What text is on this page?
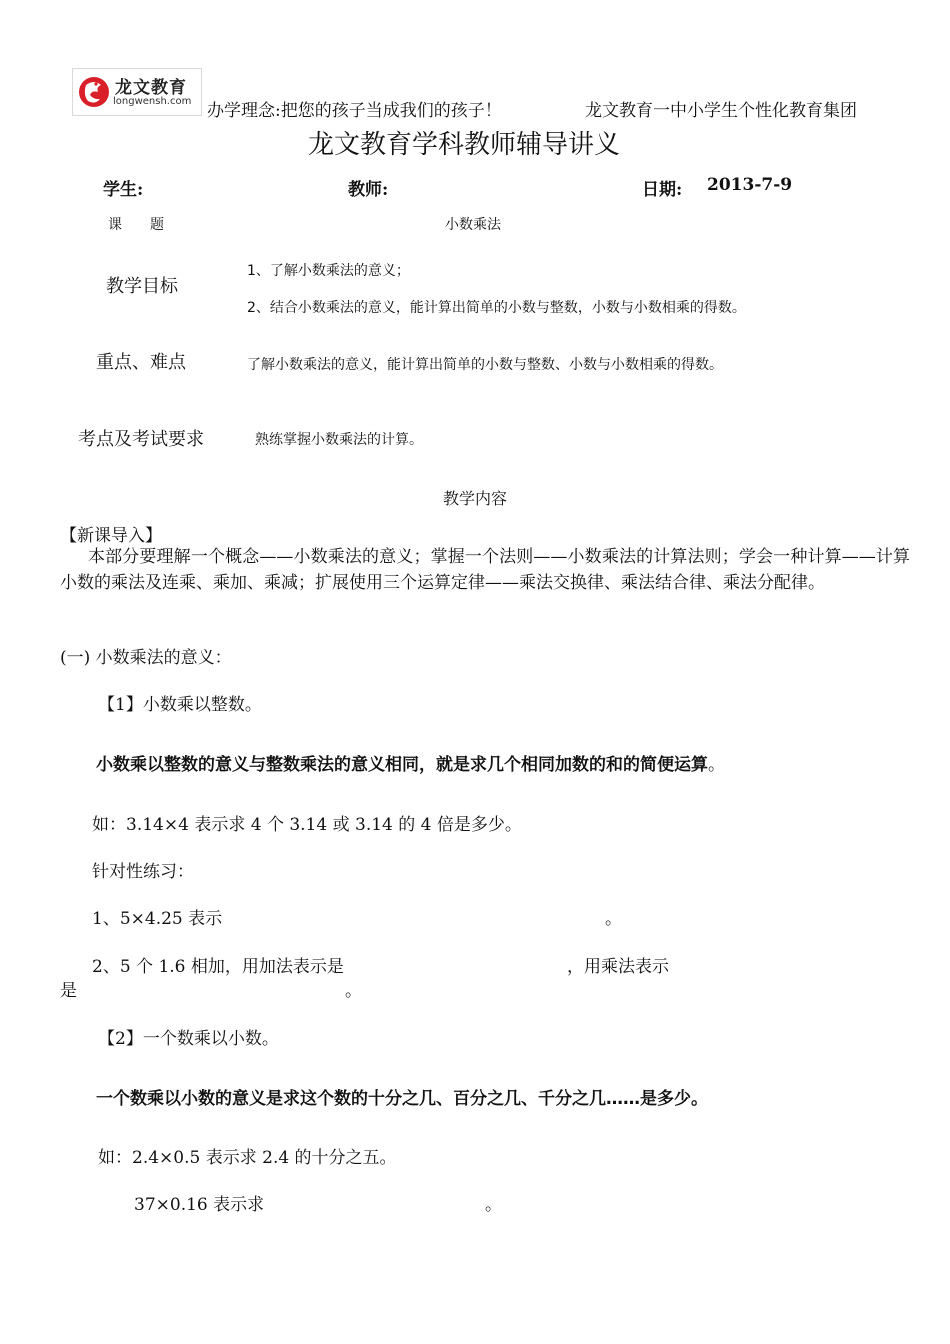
龙文教育
longwensh.com 办学理念:把您的孩子当成我们的孩子！	龙文教育一中小学生个性化教育集团
龙文教育学科教师辅导讲义
学生:	教师:	日期: 2013-7-9
课　　题	小数乘法
教学目标
1、了解小数乘法的意义；
2、结合小数乘法的意义，能计算出简单的小数与整数，小数与小数相乘的得数。
重点、难点	了解小数乘法的意义，能计算出简单的小数与整数、小数与小数相乘的得数。
考点及考试要求	熟练掌握小数乘法的计算。
教学内容
【新课导入】
本部分要理解一个概念——小数乘法的意义；掌握一个法则——小数乘法的计算法则；学会一种计算——计算小数的乘法及连乘、乘加、乘减；扩展使用三个运算定律——乘法交换律、乘法结合律、乘法分配律。
(一) 小数乘法的意义：
【1】小数乘以整数。
小数乘以整数的意义与整数乘法的意义相同，就是求几个相同加数的和的简便运算。
如：3.14×4 表示求 4 个 3.14 或 3.14 的 4 倍是多少。
针对性练习：
1、5×4.25 表示	。
2、5 个 1.6 相加，用加法表示是	，用乘法表示
是	。
【2】一个数乘以小数。
一个数乘以小数的意义是求这个数的十分之几、百分之几、千分之几……是多少。
如：2.4×0.5 表示求 2.4 的十分之五。
37×0.16 表示求	。
